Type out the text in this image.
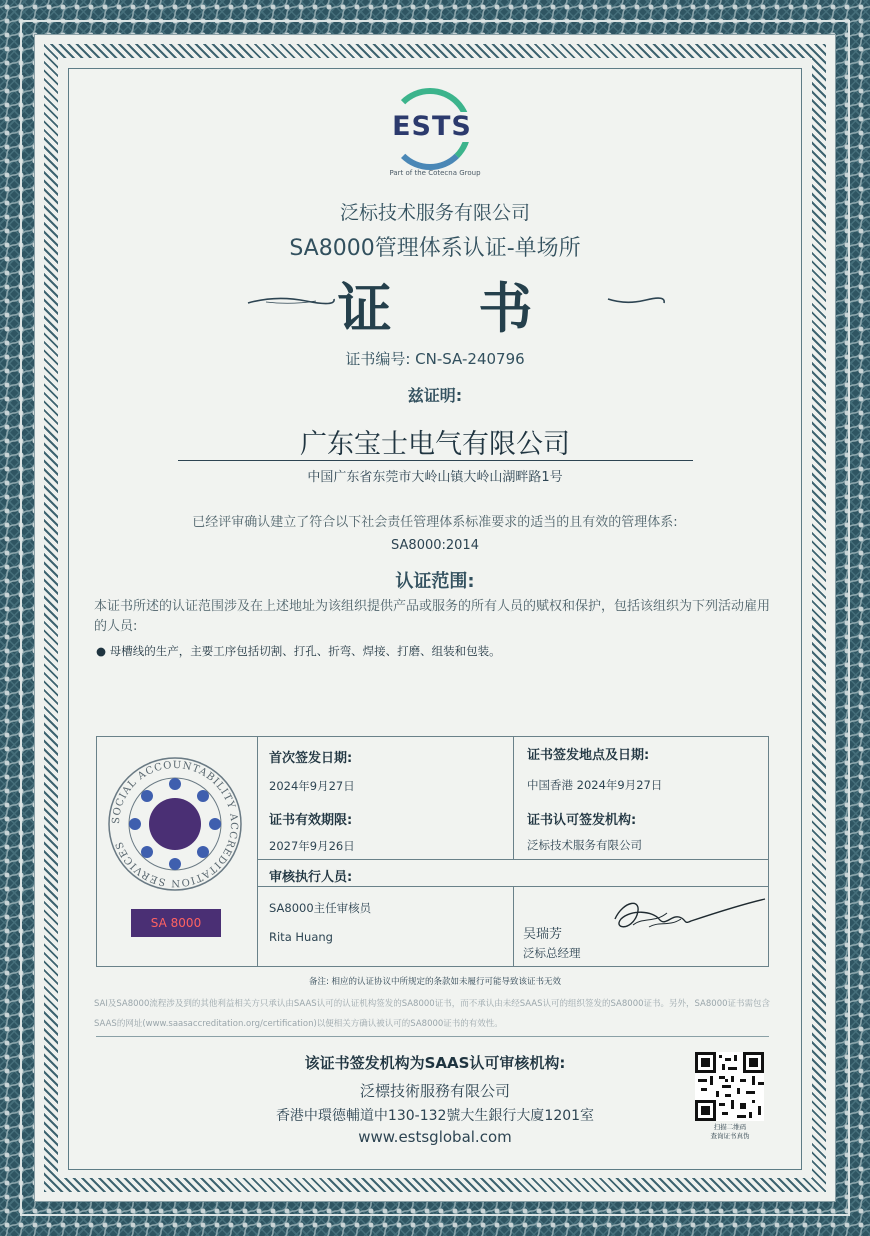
ESTS
Part of the Cotecna Group
泛标技术服务有限公司
SA8000管理体系认证-单场所
证 书
证书编号: CN-SA-240796
兹证明:
广东宝士电气有限公司
中国广东省东莞市大岭山镇大岭山湖畔路1号
已经评审确认建立了符合以下社会责任管理体系标准要求的适当的且有效的管理体系:
SA8000:2014
认证范围:
本证书所述的认证范围涉及在上述地址为该组织提供产品或服务的所有人员的赋权和保护，包括该组织为下列活动雇用的人员:
● 母槽线的生产，主要工序包括切割、打孔、折弯、焊接、打磨、组装和包装。
首次签发日期:
2024年9月27日
证书有效期限:
2027年9月26日
证书签发地点及日期:
中国香港 2024年9月27日
证书认可签发机构:
泛标技术服务有限公司
审核执行人员:
SA8000主任审核员
Rita Huang	吴瑞芳
泛标总经理
SOCIAL ACCOUNTABILITY ACCREDITATION SERVICES
SA 8000
备注: 相应的认证协议中所规定的条款如未履行可能导致该证书无效
SAI及SA8000流程涉及到的其他利益相关方只承认由SAAS认可的认证机构签发的SA8000证书，而不承认由未经SAAS认可的组织签发的SA8000证书。另外，SA8000证书需包含SAAS的网址(www.saasaccreditation.org/certification)以便相关方确认被认可的SA8000证书的有效性。
该证书签发机构为SAAS认可审核机构:
泛標技術服務有限公司
香港中環德輔道中130-132號大生銀行大廈1201室
www.estsglobal.com
扫描二维码
查询证书真伪
